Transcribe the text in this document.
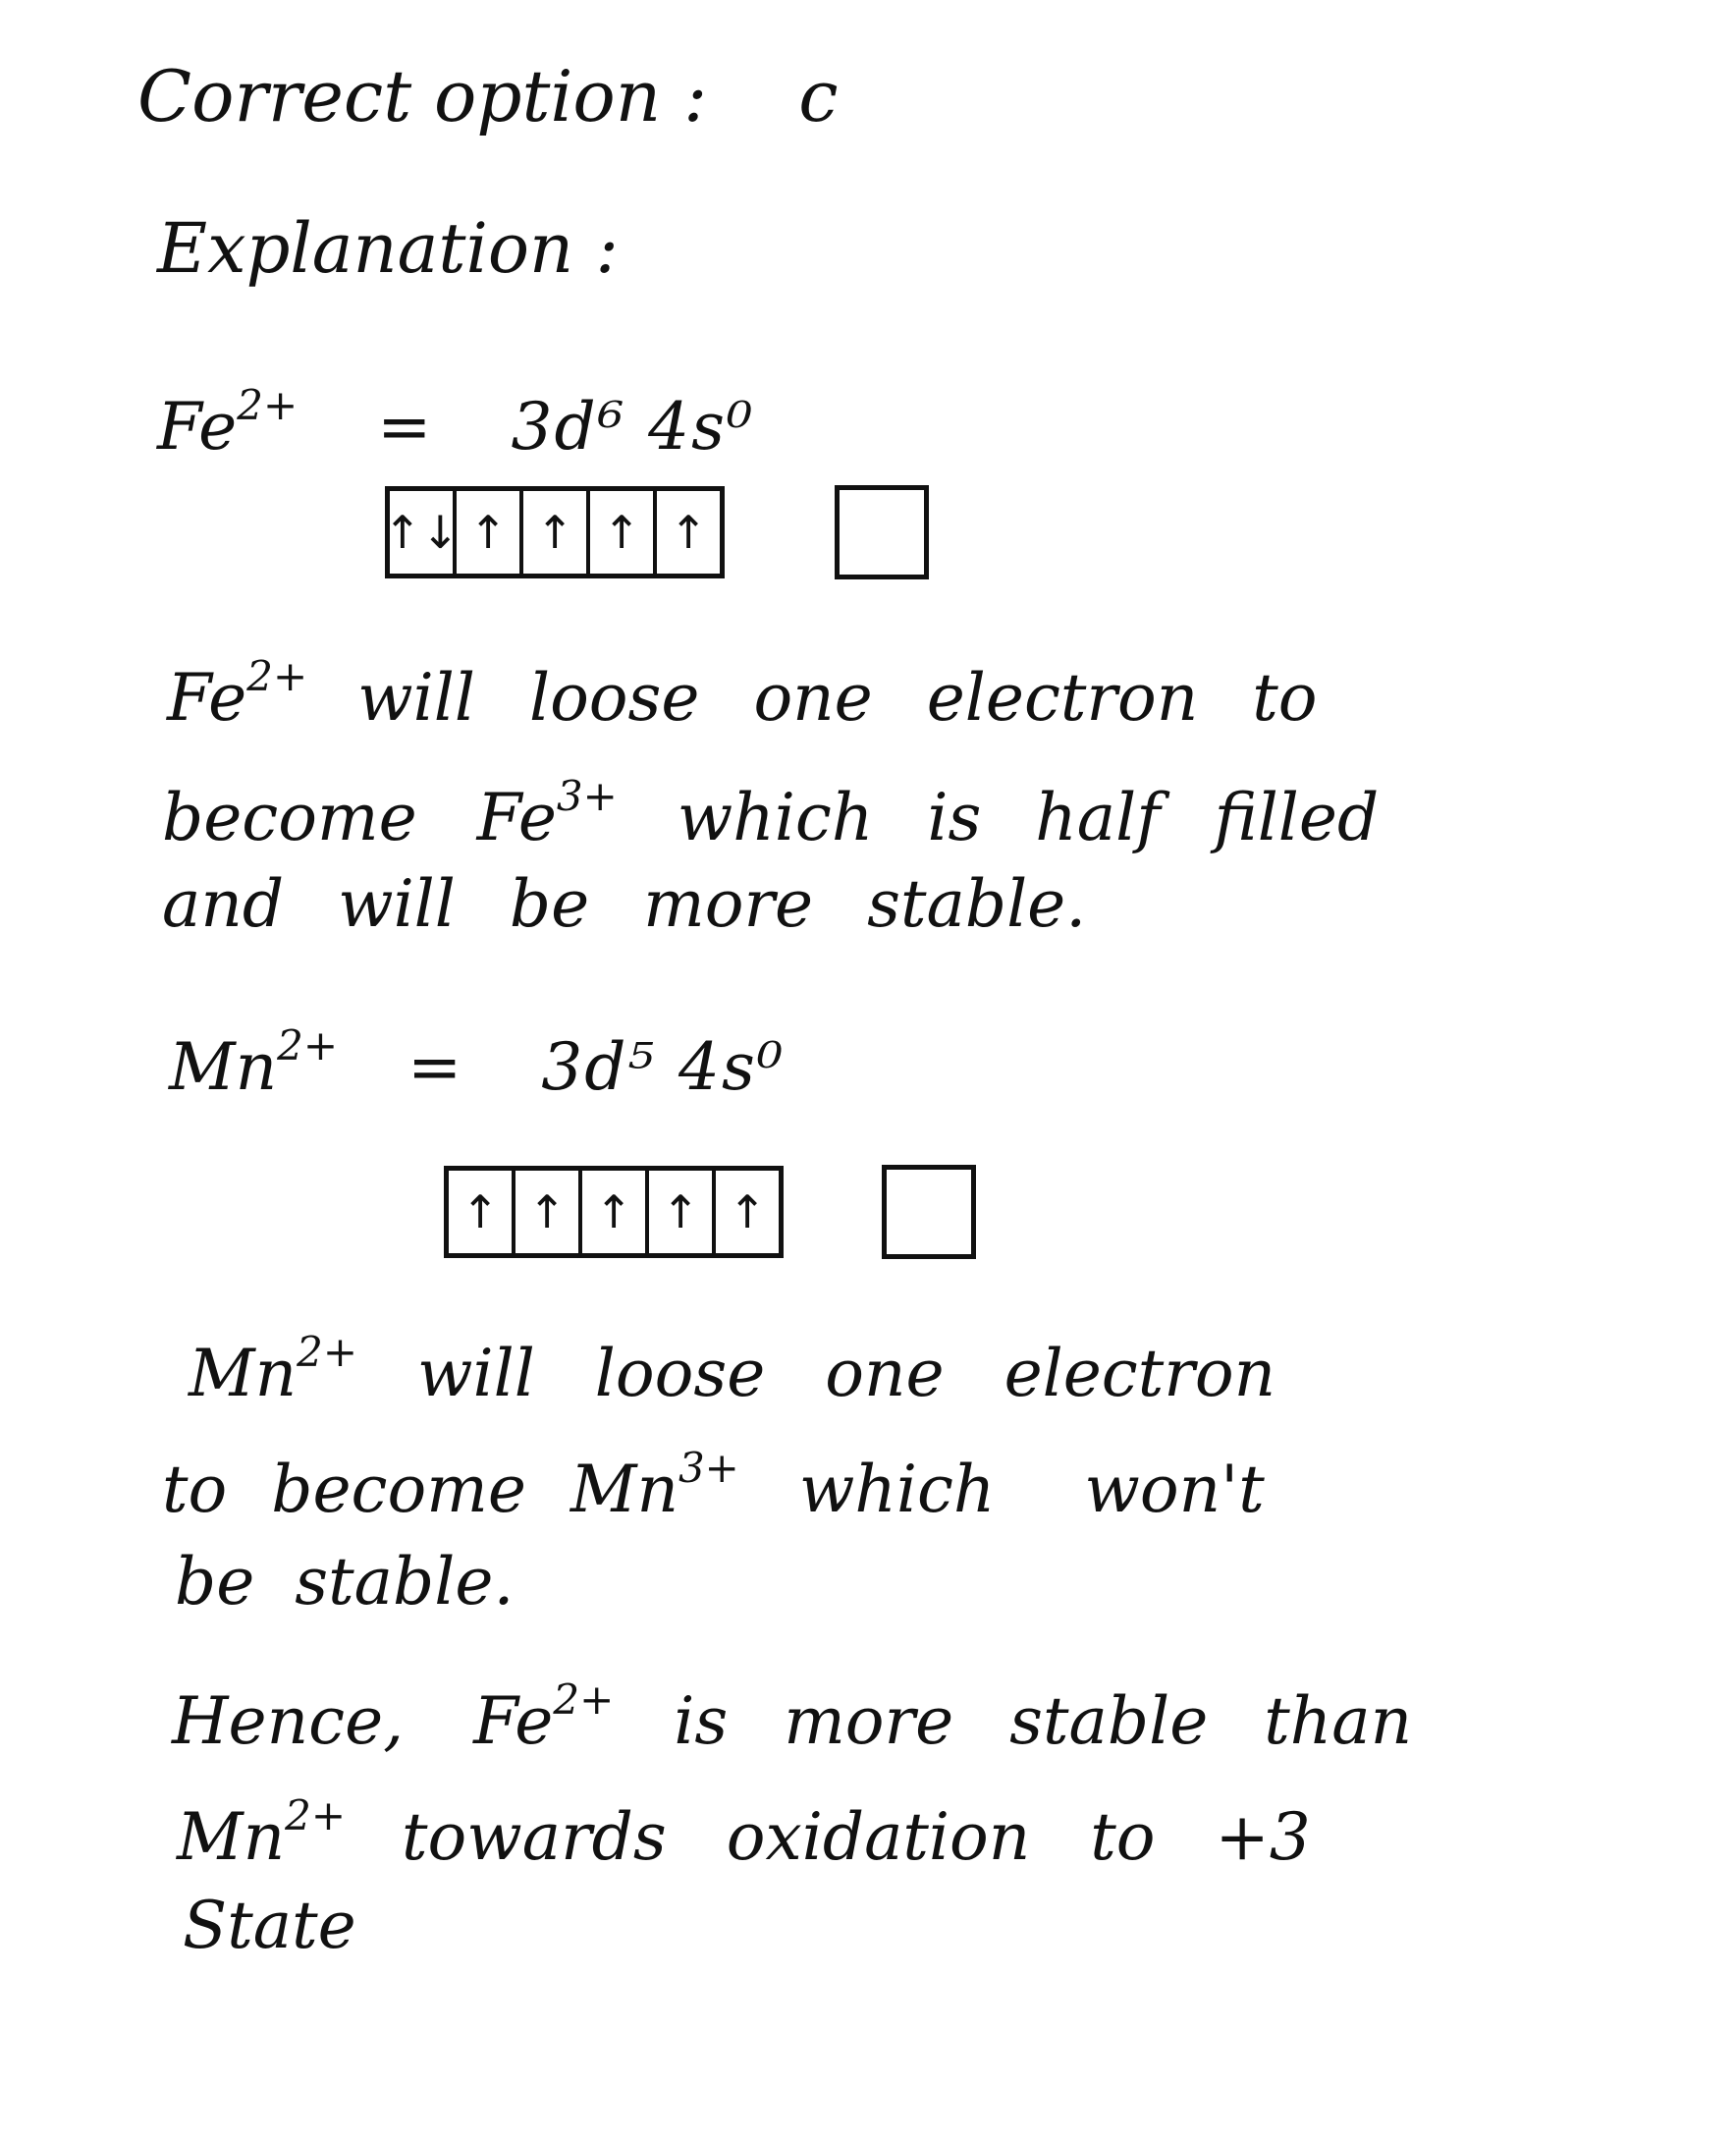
Correct option : c
Explanation :
$Fe^{2+} = 3d^6$ 4s⁰
↑↓ ↑ ↑ ↑ ↑
$Fe^{2+}$ will loose one electron to
become $Fe^{3+}$ which is half filled
and will be more stable.
$Mn^{2+} = 3d^5$ 4s⁰
↑ ↑ ↑ ↑ ↑
$Mn^{2+}$ will loose one electron
to become $Mn^{3+}$ which won't
be stable.
Hence, $Fe^{2+}$ is more stable than
$Mn^{2+}$ towards oxidation to +3
State
